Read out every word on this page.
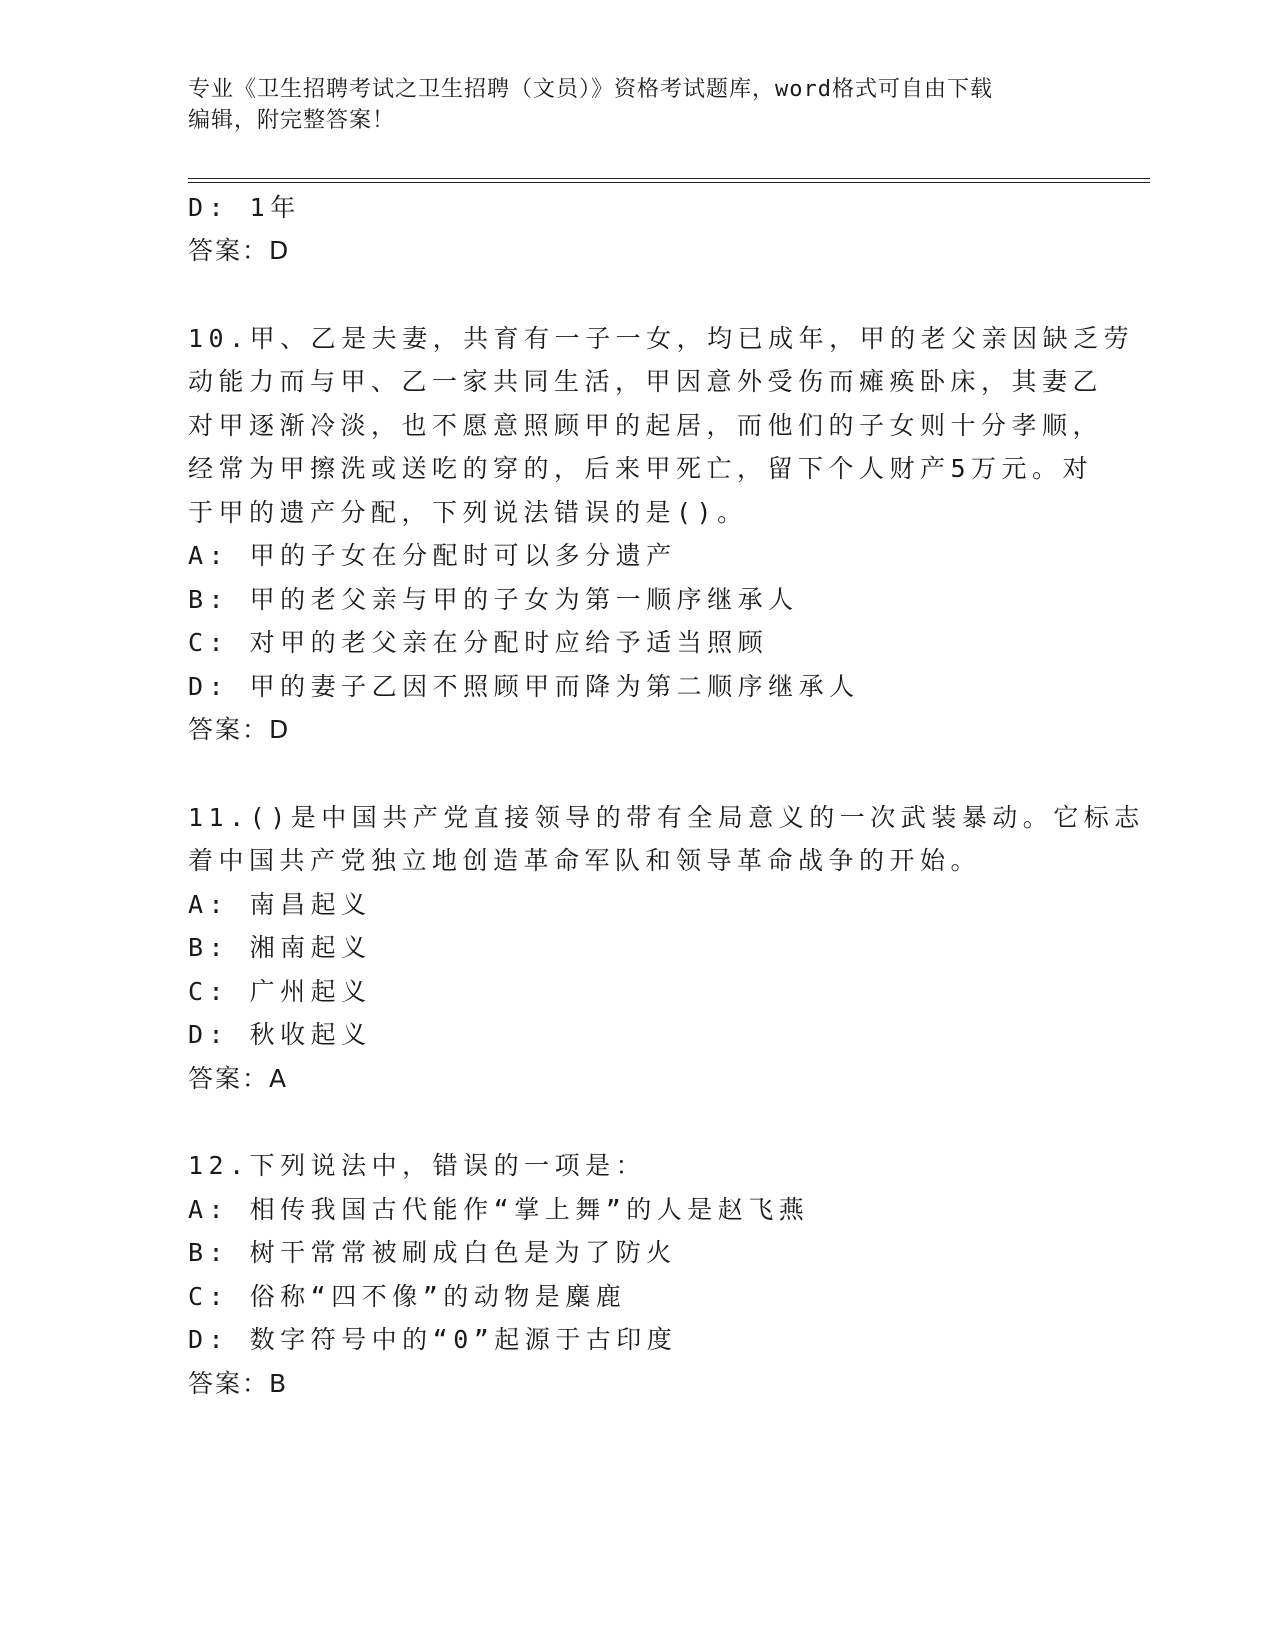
专业《卫生招聘考试之卫生招聘（文员）》资格考试题库，word格式可自由下载
编辑，附完整答案！
D: 1年
答案：D
10.甲、乙是夫妻，共育有一子一女，均已成年，甲的老父亲因缺乏劳
动能力而与甲、乙一家共同生活，甲因意外受伤而瘫痪卧床，其妻乙
对甲逐渐冷淡，也不愿意照顾甲的起居，而他们的子女则十分孝顺，
经常为甲擦洗或送吃的穿的，后来甲死亡，留下个人财产5万元。对
于甲的遗产分配，下列说法错误的是()。
A: 甲的子女在分配时可以多分遗产
B: 甲的老父亲与甲的子女为第一顺序继承人
C: 对甲的老父亲在分配时应给予适当照顾
D: 甲的妻子乙因不照顾甲而降为第二顺序继承人
答案：D
11.()是中国共产党直接领导的带有全局意义的一次武装暴动。它标志
着中国共产党独立地创造革命军队和领导革命战争的开始。
A: 南昌起义
B: 湘南起义
C: 广州起义
D: 秋收起义
答案：A
12.下列说法中，错误的一项是：
A: 相传我国古代能作“掌上舞”的人是赵飞燕
B: 树干常常被刷成白色是为了防火
C: 俗称“四不像”的动物是麋鹿
D: 数字符号中的“0”起源于古印度
答案：B
